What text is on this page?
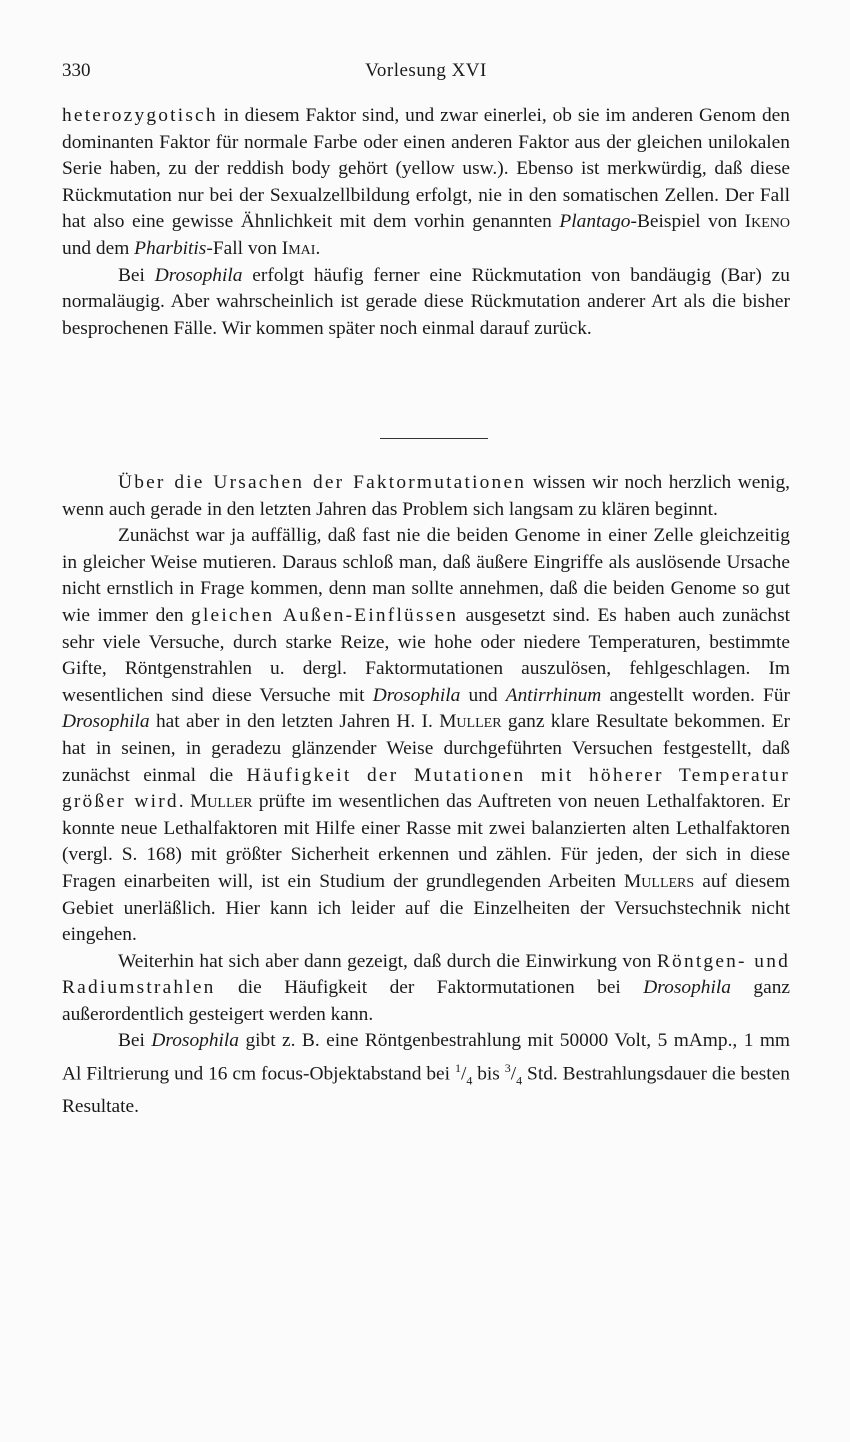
330	Vorlesung XVI

heterozygotisch in diesem Faktor sind, und zwar einerlei, ob sie im anderen Genom den dominanten Faktor für normale Farbe oder einen anderen Faktor aus der gleichen unilokalen Serie haben, zu der reddish body gehört (yellow usw.). Ebenso ist merkwürdig, daß diese Rückmutation nur bei der Sexualzellbildung erfolgt, nie in den somatischen Zellen. Der Fall hat also eine gewisse Ähnlichkeit mit dem vorhin genannten Plantago-Beispiel von Ikeno und dem Pharbitis-Fall von Imai.

Bei Drosophila erfolgt häufig ferner eine Rückmutation von bandäugig (Bar) zu normaläugig. Aber wahrscheinlich ist gerade diese Rückmutation anderer Art als die bisher besprochenen Fälle. Wir kommen später noch einmal darauf zurück.

Über die Ursachen der Faktormutationen wissen wir noch herzlich wenig, wenn auch gerade in den letzten Jahren das Problem sich langsam zu klären beginnt.

Zunächst war ja auffällig, daß fast nie die beiden Genome in einer Zelle gleichzeitig in gleicher Weise mutieren. Daraus schloß man, daß äußere Eingriffe als auslösende Ursache nicht ernstlich in Frage kommen, denn man sollte annehmen, daß die beiden Genome so gut wie immer den gleichen Außen-Einflüssen ausgesetzt sind. Es haben auch zunächst sehr viele Versuche, durch starke Reize, wie hohe oder niedere Temperaturen, bestimmte Gifte, Röntgenstrahlen u. dergl. Faktormutationen auszulösen, fehlgeschlagen. Im wesentlichen sind diese Versuche mit Drosophila und Antirrhinum angestellt worden. Für Drosophila hat aber in den letzten Jahren H. I. Muller ganz klare Resultate bekommen. Er hat in seinen, in geradezu glänzender Weise durchgeführten Versuchen festgestellt, daß zunächst einmal die Häufigkeit der Mutationen mit höherer Temperatur größer wird. Muller prüfte im wesentlichen das Auftreten von neuen Lethalfaktoren. Er konnte neue Lethalfaktoren mit Hilfe einer Rasse mit zwei balanzierten alten Lethalfaktoren (vergl. S. 168) mit größter Sicherheit erkennen und zählen. Für jeden, der sich in diese Fragen einarbeiten will, ist ein Studium der grundlegenden Arbeiten Mullers auf diesem Gebiet unerläßlich. Hier kann ich leider auf die Einzelheiten der Versuchstechnik nicht eingehen.

Weiterhin hat sich aber dann gezeigt, daß durch die Einwirkung von Röntgen- und Radiumstrahlen die Häufigkeit der Faktormutationen bei Drosophila ganz außerordentlich gesteigert werden kann.

Bei Drosophila gibt z. B. eine Röntgenbestrahlung mit 50000 Volt, 5 mAmp., 1 mm Al Filtrierung und 16 cm focus-Objektabstand bei $^1/_4$ bis $^3/_4$ Std. Bestrahlungsdauer die besten Resultate.
